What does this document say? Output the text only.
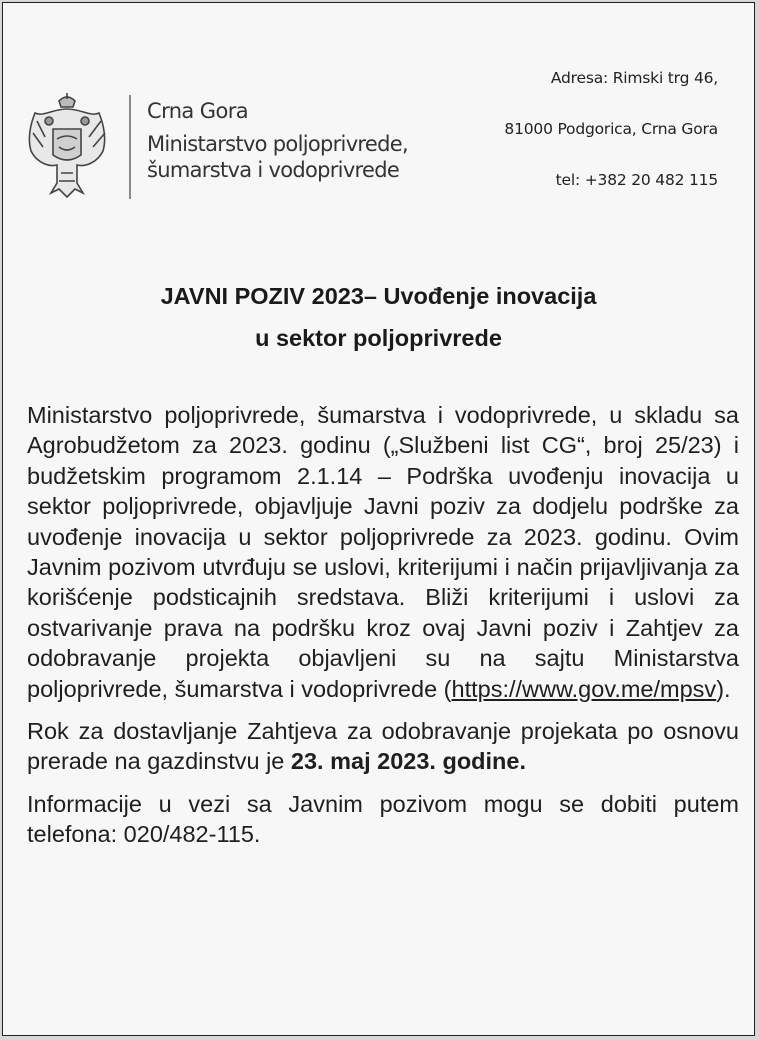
Crna Gora
Ministarstvo poljoprivrede,
šumarstva i vodoprivrede
Adresa: Rimski trg 46,
81000 Podgorica, Crna Gora
tel: +382 20 482 115
JAVNI POZIV 2023– Uvođenje inovacija
u sektor poljoprivrede

Ministarstvo poljoprivrede, šumarstva i vodoprivrede, u skladu sa Agrobudžetom za 2023. godinu („Službeni list CG“, broj 25/23) i budžetskim programom 2.1.14 – Podrška uvođenju inovacija u sektor poljoprivrede, objavljuje Javni poziv za dodjelu podrške za uvođenje inovacija u sektor poljoprivrede za 2023. godinu. Ovim Javnim pozivom utvrđuju se uslovi, kriterijumi i način prijavljivanja za korišćenje podsticajnih sredstava. Bliži kriterijumi i uslovi za ostvarivanje prava na podršku kroz ovaj Javni poziv i Zahtjev za odobravanje projekta objavljeni su na sajtu Ministarstva poljoprivrede, šumarstva i vodoprivrede (https://www.gov.me/mpsv).

Rok za dostavljanje Zahtjeva za odobravanje projekata po osnovu prerade na gazdinstvu je 23. maj 2023. godine.

Informacije u vezi sa Javnim pozivom mogu se dobiti putem telefona: 020/482-115.
